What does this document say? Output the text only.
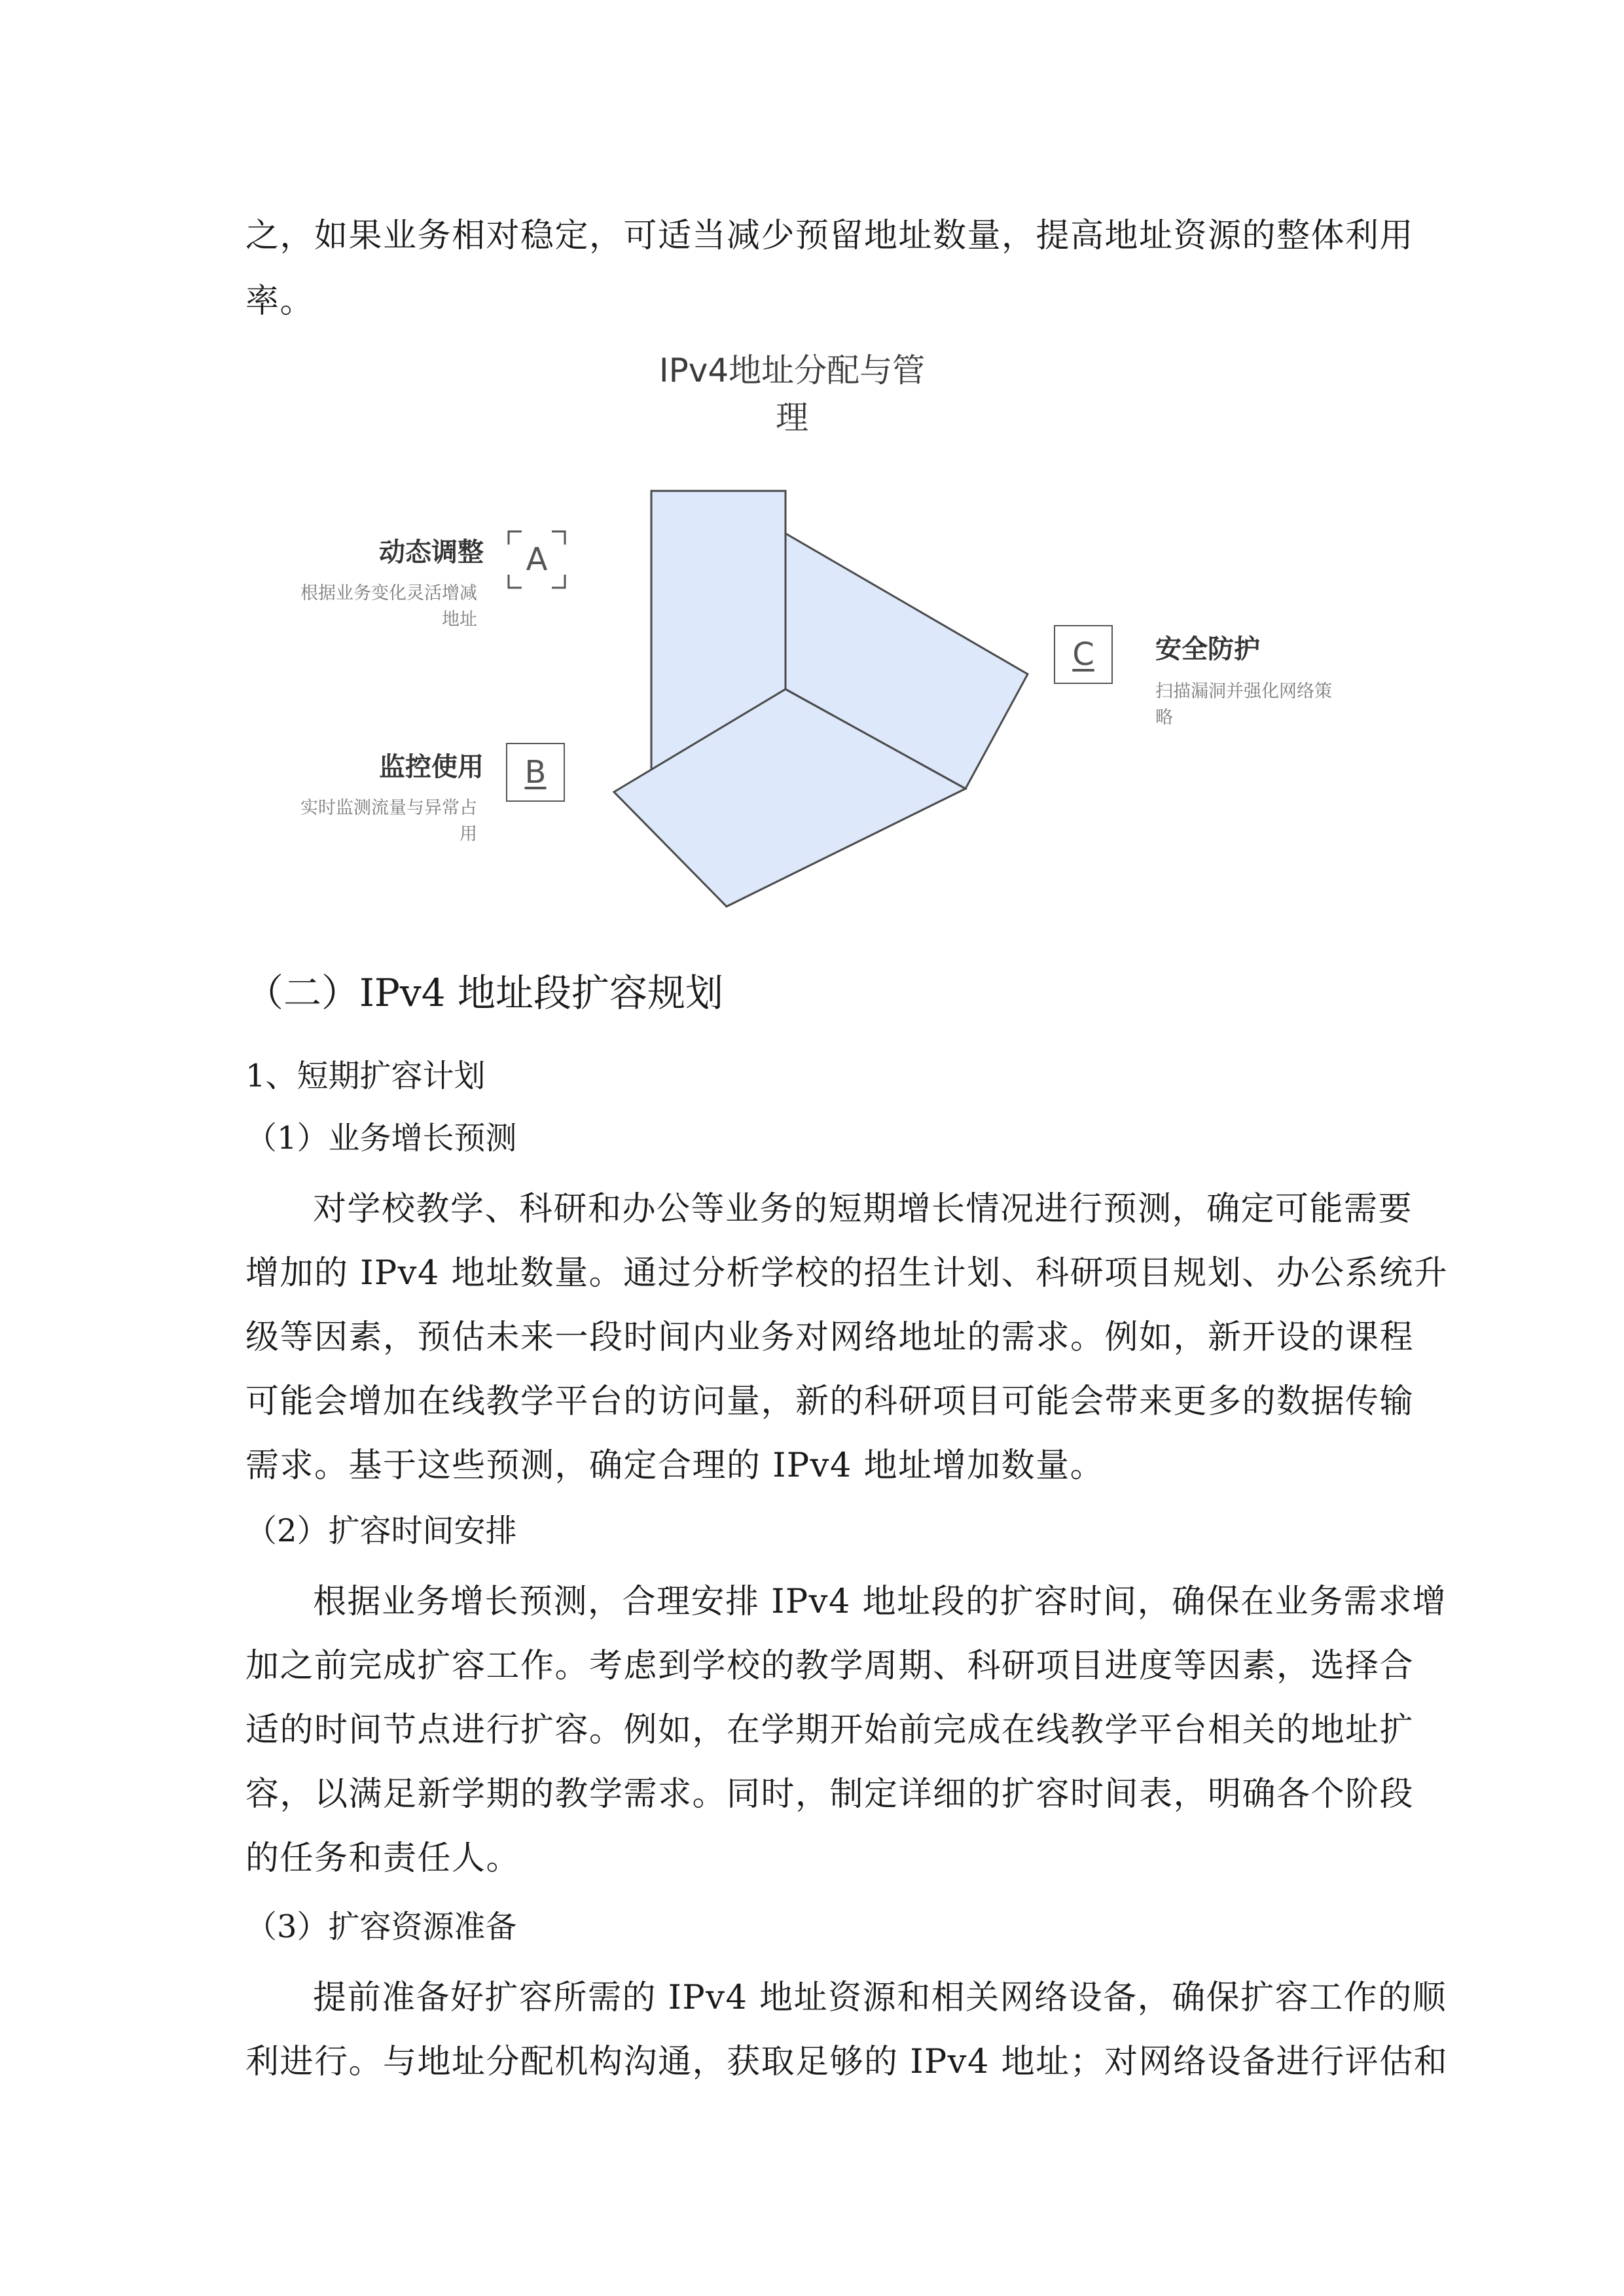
之，如果业务相对稳定，可适当减少预留地址数量，提高地址资源的整体利用
率。
IPv4地址分配与管
理
动态调整
根据业务变化灵活增减
地址
A
监控使用
实时监测流量与异常占
用
B
C 安全防护
扫描漏洞并强化网络策
略
（二）IPv4 地址段扩容规划
1、短期扩容计划
（1）业务增长预测
对学校教学、科研和办公等业务的短期增长情况进行预测，确定可能需要
增加的 IPv4 地址数量。通过分析学校的招生计划、科研项目规划、办公系统升
级等因素，预估未来一段时间内业务对网络地址的需求。例如，新开设的课程
可能会增加在线教学平台的访问量，新的科研项目可能会带来更多的数据传输
需求。基于这些预测，确定合理的 IPv4 地址增加数量。
（2）扩容时间安排
根据业务增长预测，合理安排 IPv4 地址段的扩容时间，确保在业务需求增
加之前完成扩容工作。考虑到学校的教学周期、科研项目进度等因素，选择合
适的时间节点进行扩容。例如，在学期开始前完成在线教学平台相关的地址扩
容，以满足新学期的教学需求。同时，制定详细的扩容时间表，明确各个阶段
的任务和责任人。
（3）扩容资源准备
提前准备好扩容所需的 IPv4 地址资源和相关网络设备，确保扩容工作的顺
利进行。与地址分配机构沟通，获取足够的 IPv4 地址；对网络设备进行评估和
